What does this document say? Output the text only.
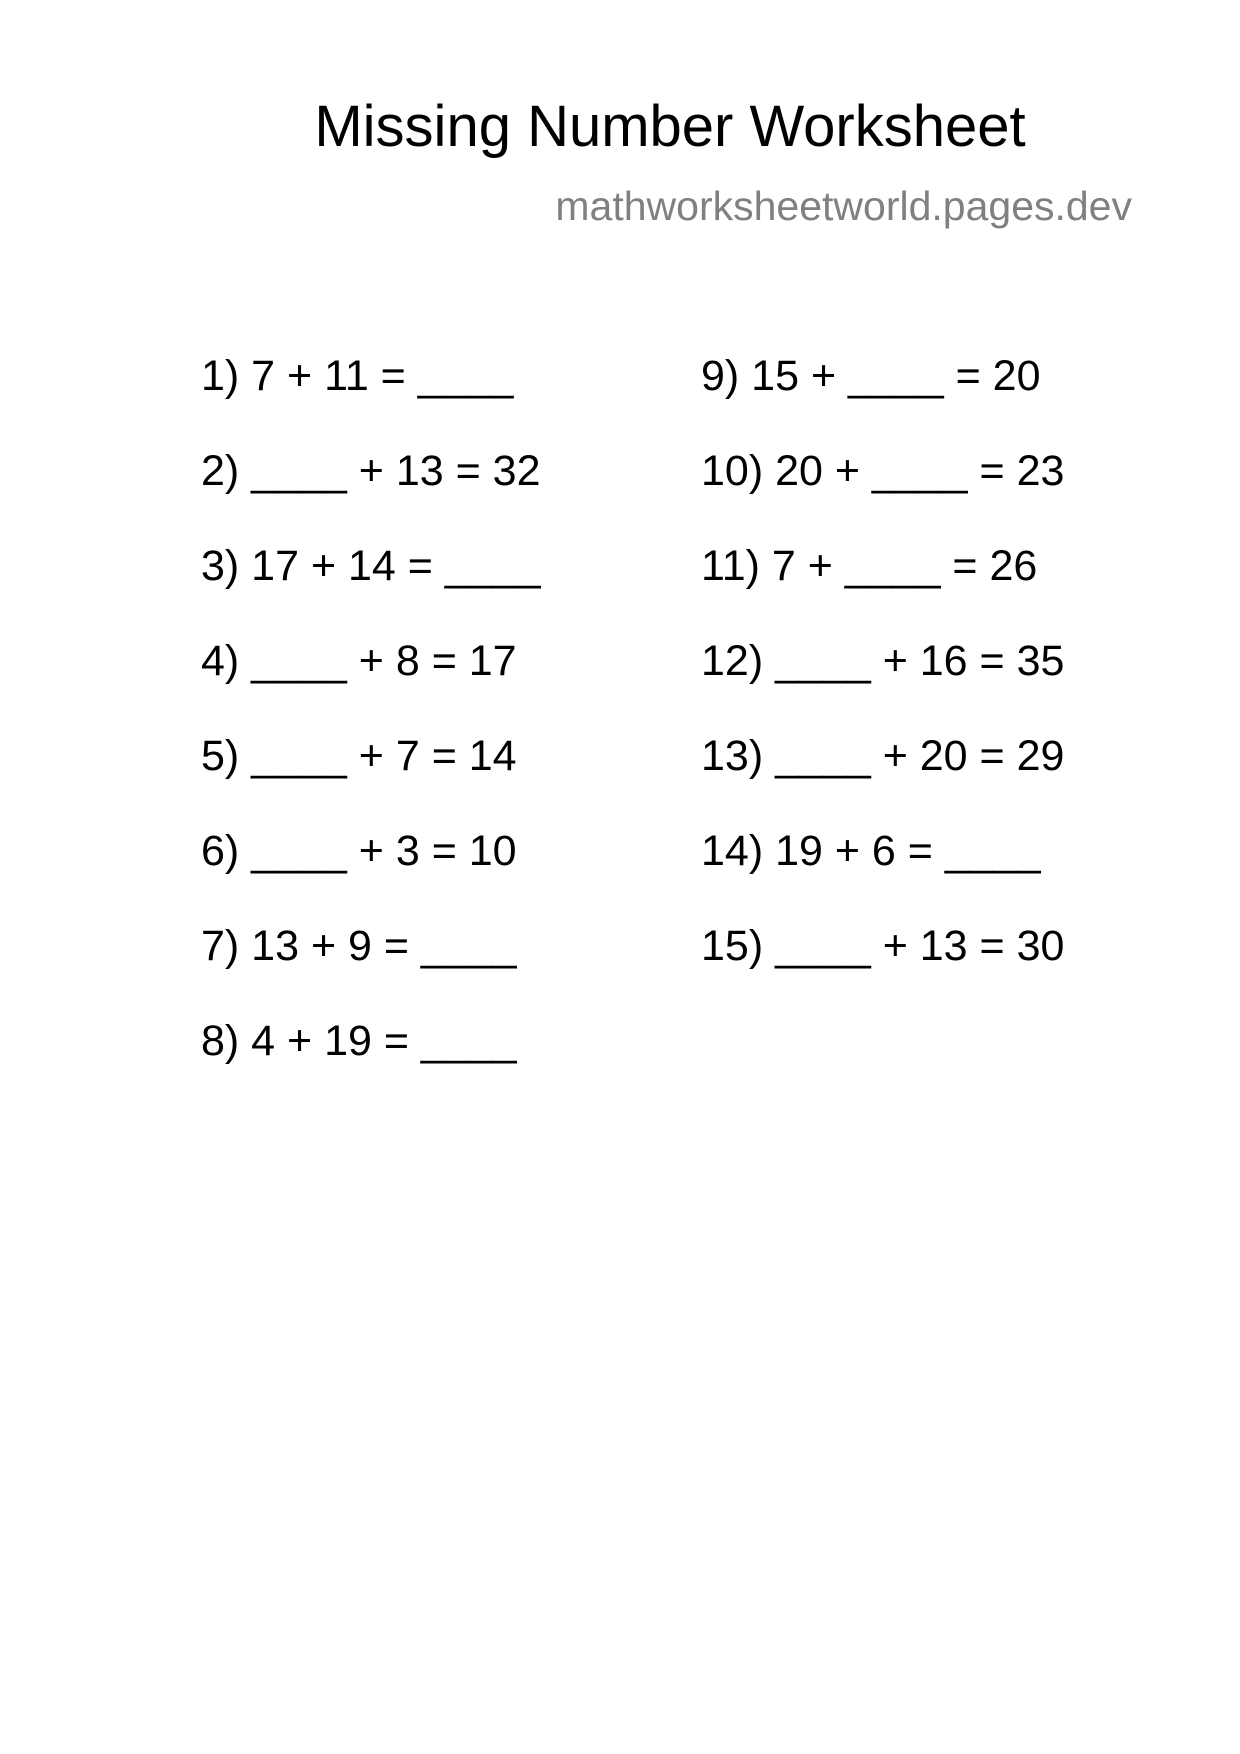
Missing Number Worksheet
mathworksheetworld.pages.dev
1) 7 + 11 = ____
2) ____ + 13 = 32
3) 17 + 14 = ____
4) ____ + 8 = 17
5) ____ + 7 = 14
6) ____ + 3 = 10
7) 13 + 9 = ____
8) 4 + 19 = ____
9) 15 + ____ = 20
10) 20 + ____ = 23
11) 7 + ____ = 26
12) ____ + 16 = 35
13) ____ + 20 = 29
14) 19 + 6 = ____
15) ____ + 13 = 30
